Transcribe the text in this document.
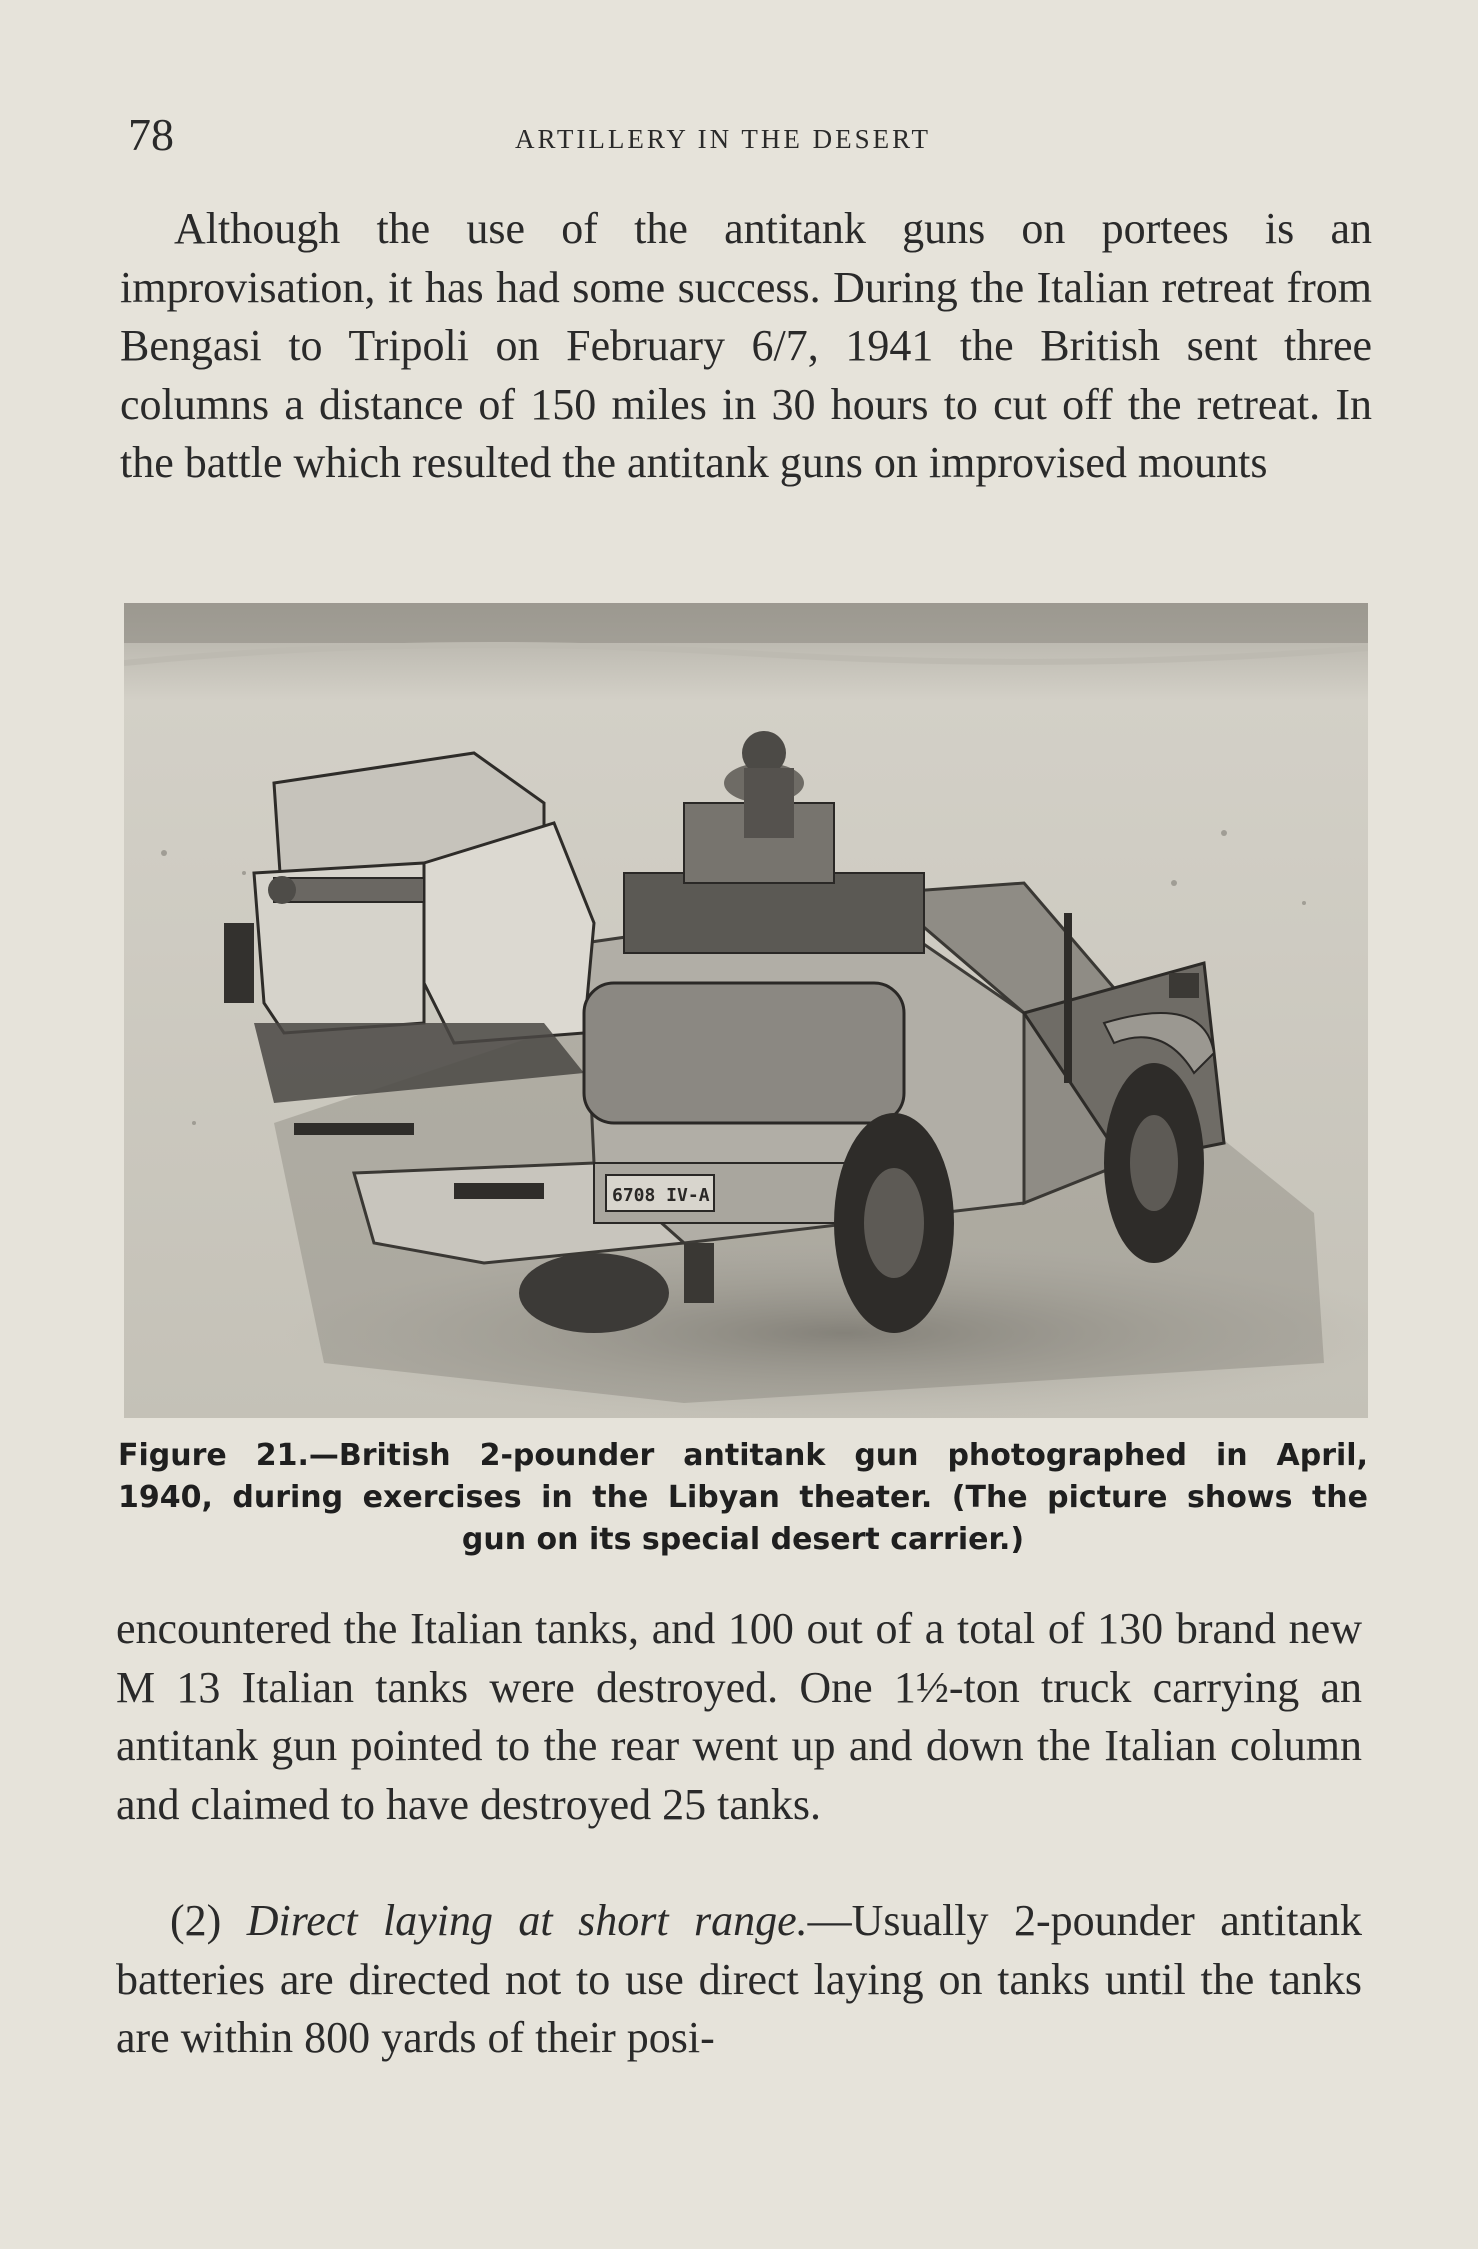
78	ARTILLERY IN THE DESERT

Although the use of the antitank guns on portees is an improvisation, it has had some success. During the Italian retreat from Bengasi to Tripoli on February 6/7, 1941 the British sent three columns a distance of 150 miles in 30 hours to cut off the retreat. In the battle which resulted the antitank guns on improvised mounts

6708 IV-A
Figure 21.—British 2-pounder antitank gun photographed in April,
1940, during exercises in the Libyan theater. (The picture shows the
gun on its special desert carrier.)

encountered the Italian tanks, and 100 out of a total of 130 brand new M 13 Italian tanks were destroyed. One 1½-ton truck carrying an antitank gun pointed to the rear went up and down the Italian column and claimed to have destroyed 25 tanks.

(2) Direct laying at short range.—Usually 2-pounder antitank batteries are directed not to use direct laying on tanks until the tanks are within 800 yards of their posi-
